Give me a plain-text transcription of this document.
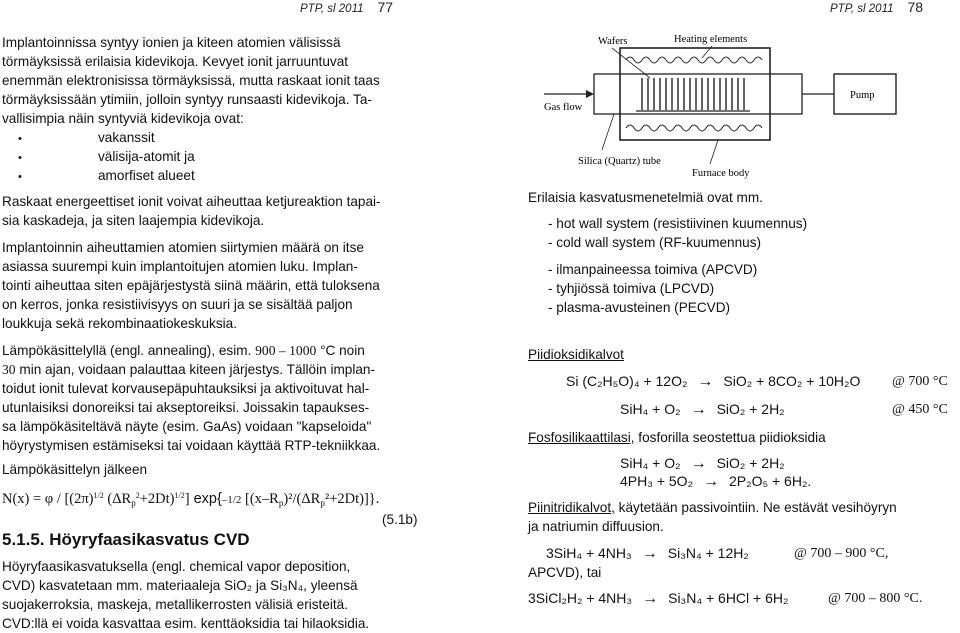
PTP, sl 2011 77
Implantoinnissa syntyy ionien ja kiteen atomien välisissä
törmäyksissä erilaisia kidevikoja. Kevyet ionit jarruuntuvat
enemmän elektronisissa törmäyksissä, mutta raskaat ionit taas
törmäyksissään ytimiin, jolloin syntyy runsaasti kidevikoja. Ta-
vallisimpia näin syntyviä kidevikoja ovat:
•	vakanssit
•	välisija-atomit ja
•	amorfiset alueet
Raskaat energeettiset ionit voivat aiheuttaa ketjureaktion tapai-
sia kaskadeja, ja siten laajempia kidevikoja.
Implantoinnin aiheuttamien atomien siirtymien määrä on itse
asiassa suurempi kuin implantoitujen atomien luku. Implan-
tointi aiheuttaa siten epäjärjestystä siinä määrin, että tuloksena
on kerros, jonka resistiivisyys on suuri ja se sisältää paljon
loukkuja sekä rekombinaatiokeskuksia.
Lämpökäsittelyllä (engl. annealing), esim. 900 – 1000 °C noin
30 min ajan, voidaan palauttaa kiteen järjestys. Tällöin implan-
toidut ionit tulevat korvausepäpuhtauksiksi ja aktivoituvat hal-
utunlaisiksi donoreiksi tai akseptoreiksi. Joissakin tapaukses-
sa lämpökäsiteltävä näyte (esim. GaAs) voidaan "kapseloida"
höyrystymisen estämiseksi tai voidaan käyttää RTP-tekniikkaa.
Lämpökäsittelyn jälkeen
$N(x) = \varphi / [(2\pi)^{1/2}$ $(\Delta R_p^2+2Dt)^{1/2}$] exp{–1/2 $[(x-R_p)^2/(\Delta R_p^2+2Dt)]$}.
(5.1b)
5.1.5. Höyryfaasikasvatus CVD
Höyryfaasikasvatuksella (engl. chemical vapor deposition,
CVD) kasvatetaan mm. materiaaleja SiO₂ ja Si₃N₄, yleensä
suojakerroksia, maskeja, metallikerrosten välisiä eristeitä.
CVD:llä ei voida kasvattaa esim. kenttäoksidia tai hilaoksidia.
PTP, sl 2011 78
Wafers	Heating elements
Gas flow
Pump
Silica (Quartz) tube
Furnace body
Erilaisia kasvatusmenetelmiä ovat mm.
- hot wall system (resistiivinen kuumennus)
- cold wall system (RF-kuumennus)
- ilmanpaineessa toimiva (APCVD)
- tyhjiössä toimiva (LPCVD)
- plasma-avusteinen (PECVD)
Piidioksidikalvot
Si (C₂H₅O)₄ + 12O₂ → SiO₂ + 8CO₂ + 10H₂O @ 700 °C
SiH₄ + O₂ → SiO₂ + 2H₂	@ 450 °C
Fosfosilikaattilasi, fosforilla seostettua piidioksidia
SiH₄ + O₂ → SiO₂ + 2H₂
4PH₃ + 5O₂ → 2P₂O₅ + 6H₂.
Piinitridikalvot, käytetään passivointiin. Ne estävät vesihöyryn
ja natriumin diffuusion.
3SiH₄ + 4NH₃ → Si₃N₄ + 12H₂	@ 700 – 900 °C,
APCVD), tai
3SiCl₂H₂ + 4NH₃ → Si₃N₄ + 6HCl + 6H₂	@ 700 – 800 °C.
